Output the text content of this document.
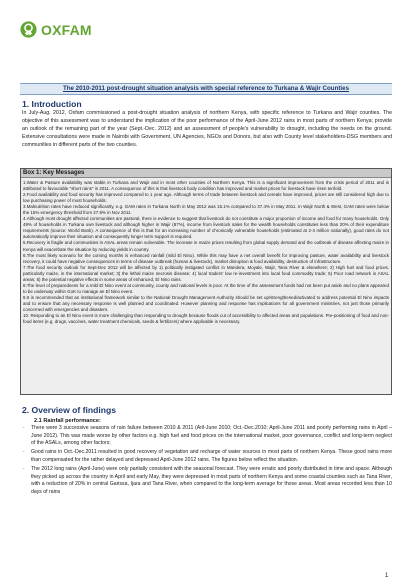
OXFAM
The 2010-2011 post-drought situation analysis with special reference to Turkana & Wajir Counties
1. Introduction
In July-Aug. 2012, Oxfam commissioned a post-drought situation analysis of northern Kenya, with specific reference to Turkana and Wajir counties. The objective of this assessment was to understand the implication of the poor performance of the April-June 2012 rains in most parts of northern Kenya; provide an outlook of the remaining part of the year (Sept.-Dec. 2012) and an assessment of people's vulnerability to drought, including the needs on the ground. Extensive consultations were made in Nairobi with Government, UN Agencies, NGOs and Donors, but also with County level stakeholders-DSG members and communities in different parts of the two counties.
Box 1: Key Messages

1.Water & Pasture availability was stable in Turkana and Wajir and in most other counties of Northern Kenya. This is a significant improvement from the crisis period of 2011 and is attributed to favourable "short rains" in 2011. A consequence of this is that livestock body condition has improved and market prices for livestock have risen tenfold.

2.Food availability and food security has improved compared to 1 year ago. Although terms of trade between livestock and cereals have improved, prices are still considered high due to low purchasing power of most households.

3.Malnutrition rates have reduced significantly, e.g. GAM rates in Turkana North in May 2012 was 15.1% compared to 37.4% in May 2011. In Wajir North & West, GAM rates were below the 15% emergency threshold from 27.9% in Nov 2011.

4.Although most drought affected communities are pastoral, there is evidence to suggest that livestock do not constitute a major proportion of income and food for many households. Only 49% of households in Turkana own livestock and although higher in Wajir (87%), income from livestock sales for the wealth households constitutes less than 20% of their expenditure requirements (source: World Bank). A consequence of this is that for an increasing number of chronically vulnerable households (estimated at 2-3 million nationally), good rains do not automatically improve their situation and consequently longer term support is required.

5.Recovery is fragile and communities in ASAL areas remain vulnerable. The increase in maize prices resulting from global supply demand and the outbreak of disease affecting maize in Kenya will exacerbate the situation by reducing yields in country.

6.The most likely scenario for the coming months is enhanced rainfall (mild El Nino). While this may have a net overall benefit for improving pasture, water availability and livestock recovery, it could have negative consequences in terms of disease outbreak (human & livestock), market disruption & food availability, destruction of infrastructure.

7.The food security outlook for Sept-Dec 2012 will be affected by 1) politically instigated conflict in Mandera, Moyale, Wajir, Tana River & elsewhere; 2) High fuel and food prices, particularly maize, in the international market; 3) the lethal maize necrosis disease; 4) local traders' low re-investment into local food commodity trade; 5) Poor road network in ASAL areas; 6) the potential negative effects in some areas of enhanced, El Nino rains.

8.The level of preparedness for a mild El Nino event at community, county and national levels is poor. At the time of the assessment funds had not been put aside and no plans appeared to be underway within GoK to manage an El Nino event.

9.It is recommended that an institutional framework similar to the National Drought Management Authority should be set up/strengthened/activated to address potential El Nino impacts and to ensure that any necessary response is well planned and coordinated. However planning and response has implications for all government ministries, not just those primarily concerned with emergencies and disasters.

10. Responding to an El Nino event is more challenging than responding to drought because floods cut of accessibility to affected areas and populations. Pre-positioning of food and non-food items (e.g. drugs, vaccines, water treatment chemicals, seeds & fertilizers) where applicable is necessary.

2. Overview of findings
2.1 Rainfall performance:
· There were 3 successive seasons of rain failure between 2010 & 2011 (Aril-June 2010; Oct.-Dec.2010; April-June 2011 and poorly performing rains in April – June 2012). This was made worse by other factors e.g. high fuel and food prices on the international market, poor governance, conflict and long-term neglect of the ASALs, among other factors;
· Good rains in Oct.-Dec.2011 resulted in good recovery of vegetation and recharge of water sources in most parts of northern Kenya. These good rains more than compensated for the rather delayed and depressed April-June 2012 rains. The figures below reflect the situation.
· The 2012 long rains (April-June) were only partially consistent with the seasonal forecast. They were erratic and poorly distributed in time and space. Although they picked up across the country in April and early May, they were depressed in most parts of northern Kenya and some coastal counties such as Tana River, with a reduction of 20% in central Garissa, Ijara and Tana River, when compared to the long-term average for those areas. Most areas recorded less than 10 days of rains
1
